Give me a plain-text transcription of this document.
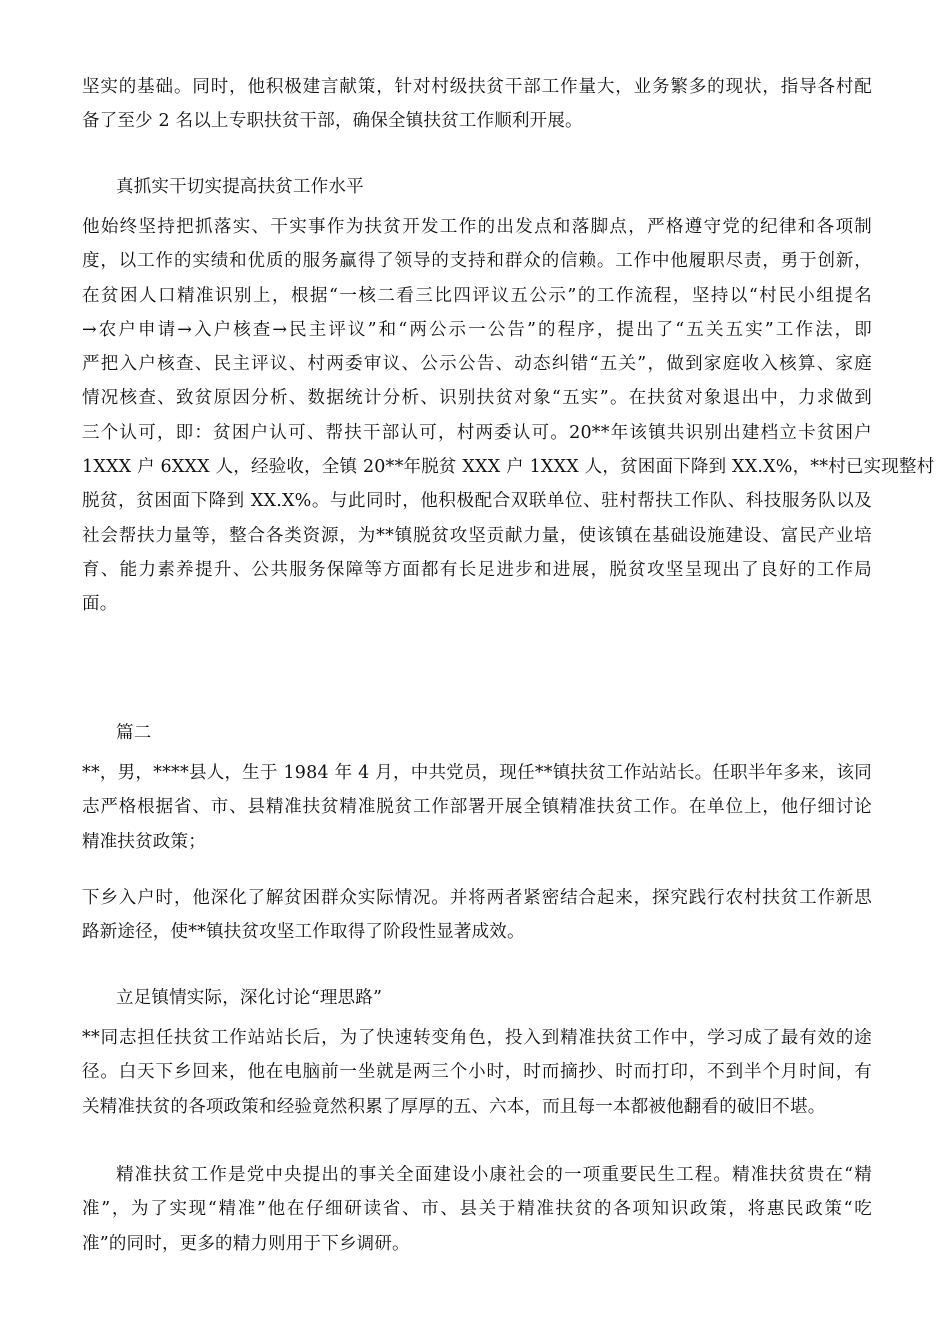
坚实的基础。同时，他积极建言献策，针对村级扶贫干部工作量大，业务繁多的现状，指导各村配
备了至少 2 名以上专职扶贫干部，确保全镇扶贫工作顺利开展。

真抓实干切实提高扶贫工作水平

他始终坚持把抓落实、干实事作为扶贫开发工作的出发点和落脚点，严格遵守党的纪律和各项制
度，以工作的实绩和优质的服务赢得了领导的支持和群众的信赖。工作中他履职尽责，勇于创新，
在贫困人口精准识别上，根据“一核二看三比四评议五公示”的工作流程，坚持以“村民小组提名
→农户申请→入户核查→民主评议”和“两公示一公告”的程序，提出了“五关五实”工作法，即
严把入户核查、民主评议、村两委审议、公示公告、动态纠错“五关”，做到家庭收入核算、家庭
情况核查、致贫原因分析、数据统计分析、识别扶贫对象“五实”。在扶贫对象退出中，力求做到
三个认可，即：贫困户认可、帮扶干部认可，村两委认可。20**年该镇共识别出建档立卡贫困户
1XXX 户 6XXX 人，经验收，全镇 20**年脱贫 XXX 户 1XXX 人，贫困面下降到 XX.X%，**村已实现整村
脱贫，贫困面下降到 XX.X%。与此同时，他积极配合双联单位、驻村帮扶工作队、科技服务队以及
社会帮扶力量等，整合各类资源，为**镇脱贫攻坚贡献力量，使该镇在基础设施建设、富民产业培
育、能力素养提升、公共服务保障等方面都有长足进步和进展，脱贫攻坚呈现出了良好的工作局
面。

篇二

**，男，****县人，生于 1984 年 4 月，中共党员，现任**镇扶贫工作站站长。任职半年多来，该同
志严格根据省、市、县精准扶贫精准脱贫工作部署开展全镇精准扶贫工作。在单位上，他仔细讨论
精准扶贫政策；

下乡入户时，他深化了解贫困群众实际情况。并将两者紧密结合起来，探究践行农村扶贫工作新思
路新途径，使**镇扶贫攻坚工作取得了阶段性显著成效。

立足镇情实际，深化讨论“理思路”

**同志担任扶贫工作站站长后，为了快速转变角色，投入到精准扶贫工作中，学习成了最有效的途
径。白天下乡回来，他在电脑前一坐就是两三个小时，时而摘抄、时而打印，不到半个月时间，有
关精准扶贫的各项政策和经验竟然积累了厚厚的五、六本，而且每一本都被他翻看的破旧不堪。

精准扶贫工作是党中央提出的事关全面建设小康社会的一项重要民生工程。精准扶贫贵在“精
准”，为了实现“精准”他在仔细研读省、市、县关于精准扶贫的各项知识政策，将惠民政策“吃
准”的同时，更多的精力则用于下乡调研。
